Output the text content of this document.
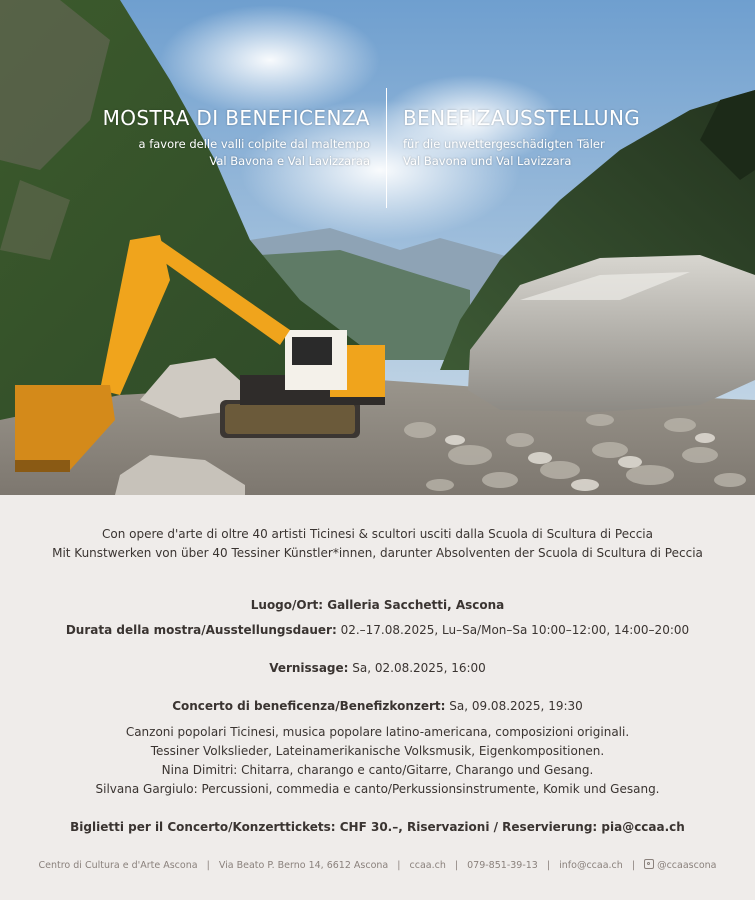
MOSTRA DI BENEFICENZA
a favore delle valli colpite dal maltempo
Val Bavona e Val Lavizzaraa
BENEFIZAUSSTELLUNG
für die unwettergeschädigten Täler
Val Bavona und Val Lavizzara
Con opere d'arte di oltre 40 artisti Ticinesi & scultori usciti dalla Scuola di Scultura di Peccia
Mit Kunstwerken von über 40 Tessiner Künstler*innen, darunter Absolventen der Scuola di Scultura di Peccia
Luogo/Ort: Galleria Sacchetti, Ascona
Durata della mostra/Ausstellungsdauer: 02.–17.08.2025, Lu–Sa/Mon–Sa 10:00–12:00, 14:00–20:00
Vernissage: Sa, 02.08.2025, 16:00
Concerto di beneficenza/Benefizkonzert: Sa, 09.08.2025, 19:30
Canzoni popolari Ticinesi, musica popolare latino-americana, composizioni originali.
Tessiner Volkslieder, Lateinamerikanische Volksmusik, Eigenkompositionen.
Nina Dimitri: Chitarra, charango e canto/Gitarre, Charango und Gesang.
Silvana Gargiulo: Percussioni, commedia e canto/Perkussionsinstrumente, Komik und Gesang.
Biglietti per il Concerto/Konzerttickets: CHF 30.–, Riservazioni / Reservierung: pia@ccaa.ch
Centro di Cultura e d'Arte Ascona | Via Beato P. Berno 14, 6612 Ascona | ccaa.ch | 079-851-39-13 | info@ccaa.ch | @ccaascona
